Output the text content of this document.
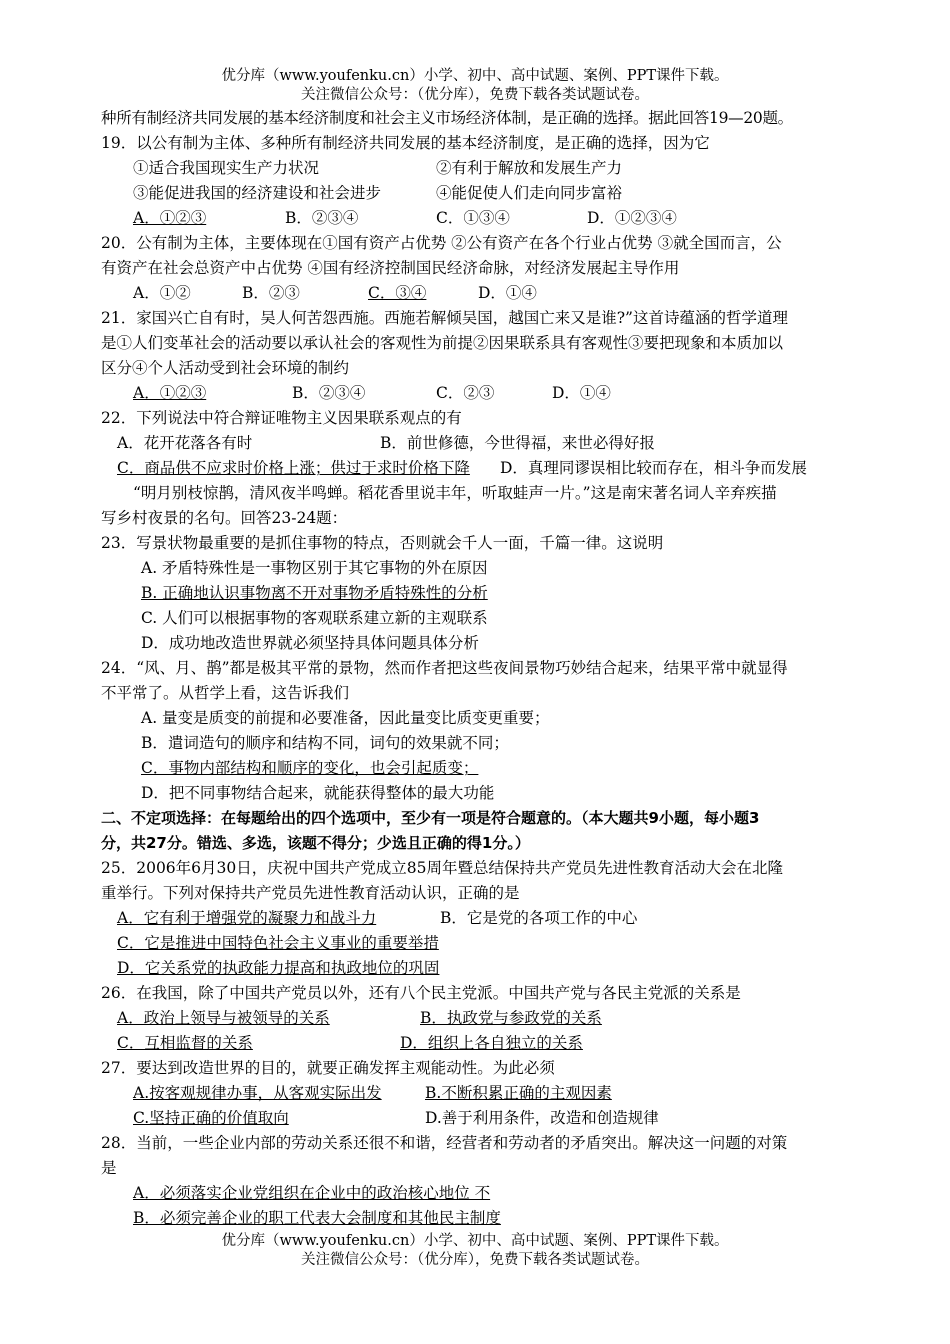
优分库（www.youfenku.cn）小学、初中、高中试题、案例、PPT课件下载。
关注微信公众号：（优分库），免费下载各类试题试卷。
种所有制经济共同发展的基本经济制度和社会主义市场经济体制，是正确的选择。据此回答19—20题。
19．以公有制为主体、多种所有制经济共同发展的基本经济制度，是正确的选择，因为它
①适合我国现实生产力状况	②有利于解放和发展生产力
③能促进我国的经济建设和社会进步	④能促使人们走向同步富裕
A．①②③	B．②③④	C．①③④	D．①②③④
20．公有制为主体，主要体现在①国有资产占优势 ②公有资产在各个行业占优势 ③就全国而言，公
有资产在社会总资产中占优势 ④国有经济控制国民经济命脉，对经济发展起主导作用
A．①②	B．②③	C．③④	D．①④
21．家国兴亡自有时，吴人何苦怨西施。西施若解倾吴国，越国亡来又是谁?”这首诗蕴涵的哲学道理
是①人们变革社会的活动要以承认社会的客观性为前提②因果联系具有客观性③要把现象和本质加以
区分④个人活动受到社会环境的制约
A．①②③	B．②③④	C．②③	D．①④
22．下列说法中符合辩证唯物主义因果联系观点的有
A．花开花落各有时	B．前世修德，今世得福，来世必得好报
C．商品供不应求时价格上涨；供过于求时价格下降 D．真理同谬误相比较而存在，相斗争而发展
“明月别枝惊鹊，清风夜半鸣蝉。稻花香里说丰年，听取蛙声一片。”这是南宋著名词人辛弃疾描
写乡村夜景的名句。回答23-24题：
23．写景状物最重要的是抓住事物的特点，否则就会千人一面，千篇一律。这说明
A. 矛盾特殊性是一事物区别于其它事物的外在原因
B. 正确地认识事物离不开对事物矛盾特殊性的分析
C. 人们可以根据事物的客观联系建立新的主观联系
D．成功地改造世界就必须坚持具体问题具体分析
24．“风、月、鹊”都是极其平常的景物，然而作者把这些夜间景物巧妙结合起来，结果平常中就显得
不平常了。从哲学上看，这告诉我们
A. 量变是质变的前提和必要准备，因此量变比质变更重要；
B．遣词造句的顺序和结构不同，词句的效果就不同；
C．事物内部结构和顺序的变化，也会引起质变；
D．把不同事物结合起来，就能获得整体的最大功能
二、不定项选择：在每题给出的四个选项中，至少有一项是符合题意的。（本大题共9小题，每小题3
分，共27分。错选、多选，该题不得分；少选且正确的得1分。）
25．2006年6月30日，庆祝中国共产党成立85周年暨总结保持共产党员先进性教育活动大会在北隆
重举行。下列对保持共产党员先进性教育活动认识，正确的是
A．它有利于增强党的凝聚力和战斗力	B．它是党的各项工作的中心
C．它是推进中国特色社会主义事业的重要举措
D．它关系党的执政能力提高和执政地位的巩固
26．在我国，除了中国共产党员以外，还有八个民主党派。中国共产党与各民主党派的关系是
A．政治上领导与被领导的关系	B．执政党与参政党的关系
C．互相监督的关系	D．组织上各自独立的关系
27．要达到改造世界的目的，就要正确发挥主观能动性。为此必须
A.按客观规律办事，从客观实际出发	B.不断积累正确的主观因素
C.坚持正确的价值取向	D.善于利用条件，改造和创造规律
28．当前，一些企业内部的劳动关系还很不和谐，经营者和劳动者的矛盾突出。解决这一问题的对策
是
A．必须落实企业党组织在企业中的政治核心地位 不
B．必须完善企业的职工代表大会制度和其他民主制度
优分库（www.youfenku.cn）小学、初中、高中试题、案例、PPT课件下载。
关注微信公众号：（优分库），免费下载各类试题试卷。
